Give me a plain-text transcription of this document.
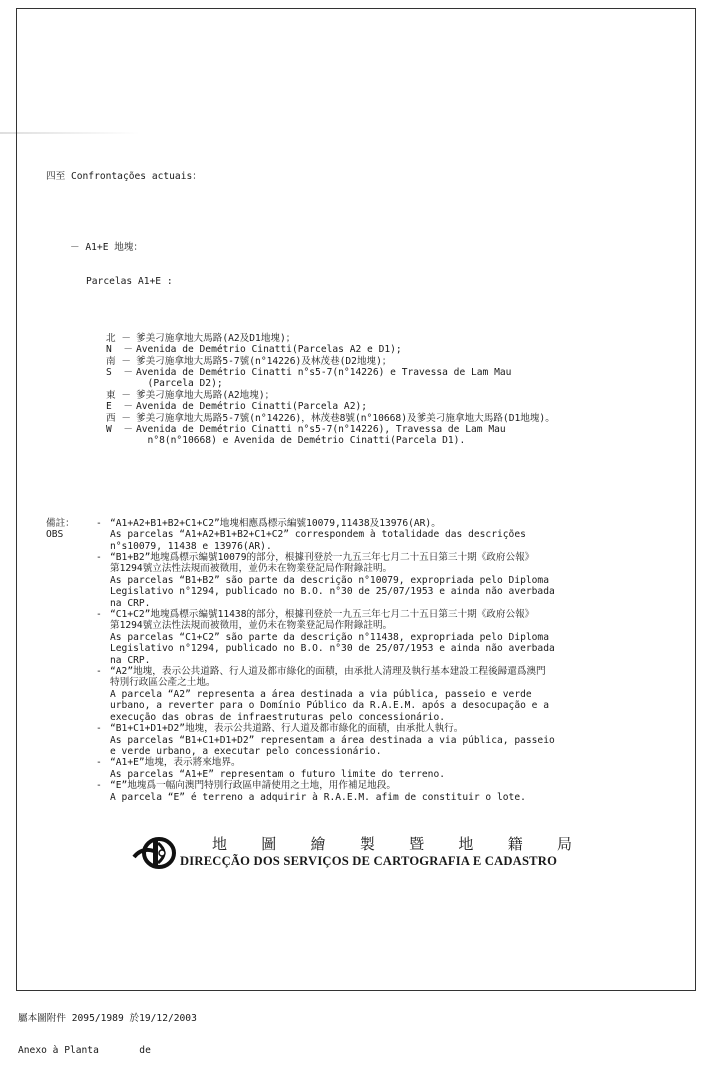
四至 Confrontações actuais：

－ A1+E 地塊：

Parcelas A1+E :

北 － 爹美刁施拿地大馬路(A2及D1地塊)；
N  － Avenida de Demétrio Cinatti(Parcelas A2 e D1);
南 － 爹美刁施拿地大馬路5-7號(n°14226)及林茂巷(D2地塊)；
S  － Avenida de Demétrio Cinatti n°s5-7(n°14226) e Travessa de Lam Mau
(Parcela D2);
東 － 爹美刁施拿地大馬路(A2地塊)；
E  － Avenida de Demétrio Cinatti(Parcela A2);
西 － 爹美刁施拿地大馬路5-7號(n°14226)，林茂巷8號(n°10668)及爹美刁施拿地大馬路(D1地塊)。
W  － Avenida de Demétrio Cinatti n°s5-7(n°14226), Travessa de Lam Mau
n°8(n°10668) e Avenida de Demétrio Cinatti(Parcela D1).

備註：	- “A1+A2+B1+B2+C1+C2”地塊相應爲標示編號10079,11438及13976(AR)。
OBS	As parcelas “A1+A2+B1+B2+C1+C2” correspondem à totalidade das descrições
n°s10079, 11438 e 13976(AR).
- “B1+B2”地塊爲標示編號10079的部分，根據刊登於一九五三年七月二十五日第三十期《政府公報》
第1294號立法性法規而被徵用，並仍未在物業登記局作附錄註明。
As parcelas “B1+B2” são parte da descrição n°10079, expropriada pelo Diploma
Legislativo n°1294, publicado no B.O. n°30 de 25/07/1953 e ainda não averbada
na CRP.
- “C1+C2”地塊爲標示編號11438的部分，根據刊登於一九五三年七月二十五日第三十期《政府公報》
第1294號立法性法規而被徵用，並仍未在物業登記局作附錄註明。
As parcelas “C1+C2” são parte da descrição n°11438, expropriada pelo Diploma
Legislativo n°1294, publicado no B.O. n°30 de 25/07/1953 e ainda não averbada
na CRP.
- “A2”地塊，表示公共道路、行人道及都市綠化的面積，由承批人清理及執行基本建設工程後歸還爲澳門
特別行政區公產之土地。
A parcela “A2” representa a área destinada a via pública, passeio e verde
urbano, a reverter para o Domínio Público da R.A.E.M. após a desocupação e a
execução das obras de infraestruturas pelo concessionário.
- “B1+C1+D1+D2”地塊，表示公共道路、行人道及都市綠化的面積，由承批人執行。
As parcelas “B1+C1+D1+D2” representam a área destinada a via pública, passeio
e verde urbano, a executar pelo concessionário.
- “A1+E”地塊，表示將來地界。
As parcelas “A1+E” representam o futuro limite do terreno.
- “E”地塊爲一幅向澳門特別行政區申請使用之土地，用作補足地段。
A parcela “E” é terreno a adquirir à R.A.E.M. afim de constituir o lote.

地 圖 繪 製 暨 地 籍 局
DIRECÇÃO DOS SERVIÇOS DE CARTOGRAFIA E CADASTRO

屬本圖附件 2095/1989 於19/12/2003

Anexo à Planta       de
